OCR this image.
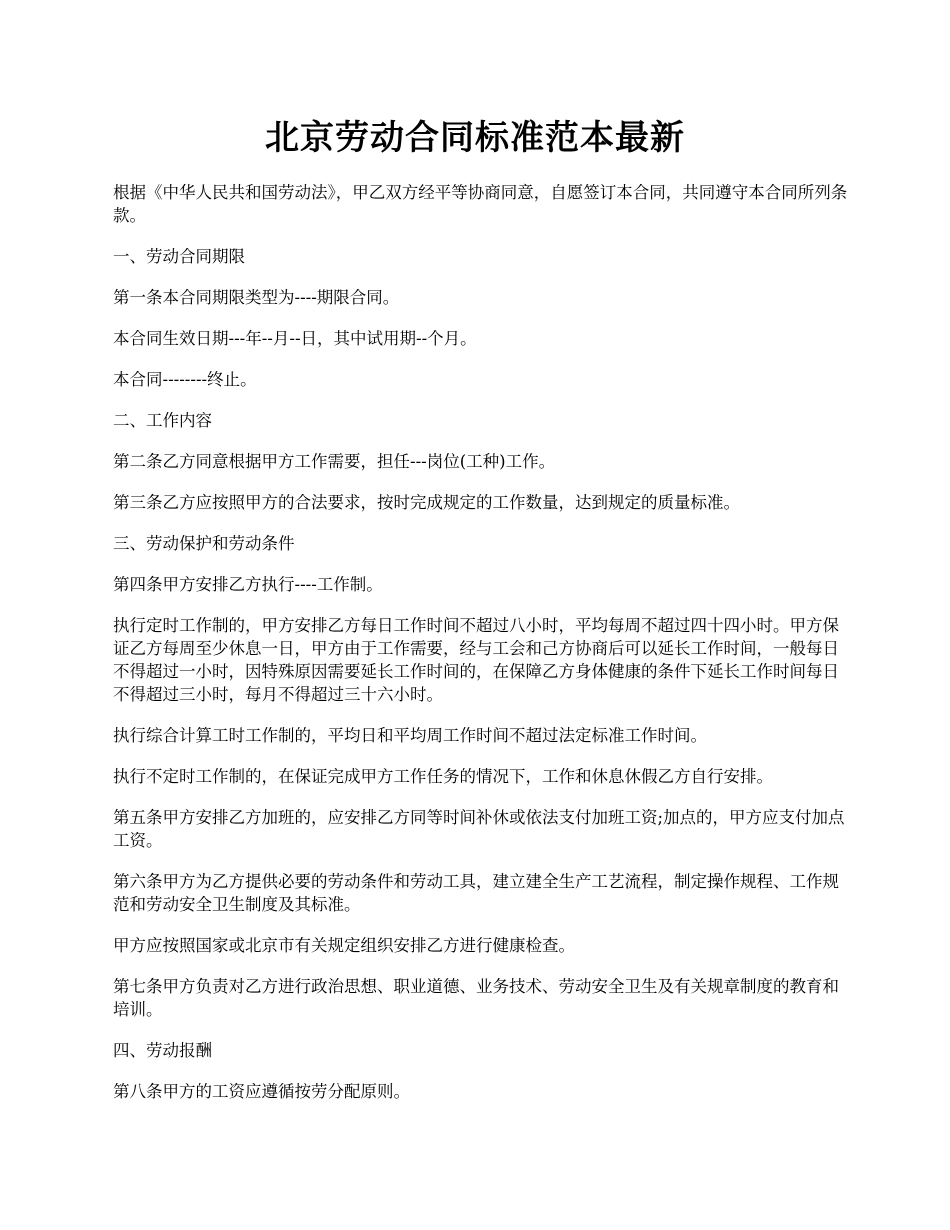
北京劳动合同标准范本最新

根据《中华人民共和国劳动法》，甲乙双方经平等协商同意，自愿签订本合同，共同遵守本合同所列条款。

一、劳动合同期限

第一条本合同期限类型为----期限合同。

本合同生效日期---年--月--日，其中试用期--个月。

本合同--------终止。

二、工作内容

第二条乙方同意根据甲方工作需要，担任---岗位(工种)工作。

第三条乙方应按照甲方的合法要求，按时完成规定的工作数量，达到规定的质量标准。

三、劳动保护和劳动条件

第四条甲方安排乙方执行----工作制。

执行定时工作制的，甲方安排乙方每日工作时间不超过八小时，平均每周不超过四十四小时。甲方保证乙方每周至少休息一日，甲方由于工作需要，经与工会和己方协商后可以延长工作时间，一般每日不得超过一小时，因特殊原因需要延长工作时间的，在保障乙方身体健康的条件下延长工作时间每日不得超过三小时，每月不得超过三十六小时。

执行综合计算工时工作制的，平均日和平均周工作时间不超过法定标准工作时间。

执行不定时工作制的，在保证完成甲方工作任务的情况下，工作和休息休假乙方自行安排。

第五条甲方安排乙方加班的，应安排乙方同等时间补休或依法支付加班工资;加点的，甲方应支付加点工资。

第六条甲方为乙方提供必要的劳动条件和劳动工具，建立建全生产工艺流程，制定操作规程、工作规范和劳动安全卫生制度及其标准。

甲方应按照国家或北京市有关规定组织安排乙方进行健康检查。

第七条甲方负责对乙方进行政治思想、职业道德、业务技术、劳动安全卫生及有关规章制度的教育和培训。

四、劳动报酬

第八条甲方的工资应遵循按劳分配原则。
